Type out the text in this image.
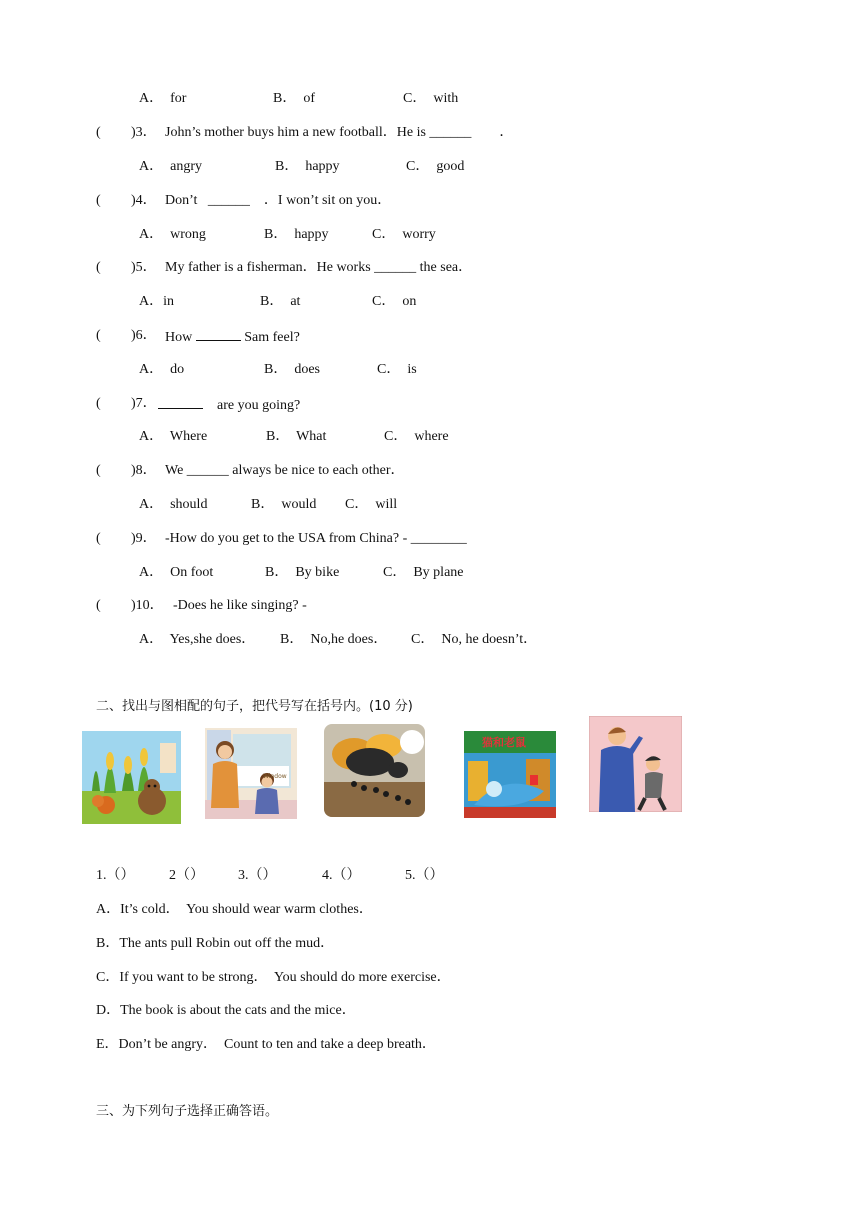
A．  for	B．  of	C．  with
( )3． John’s mother buys him a new football．He is ______        ．
A．  angry	B．  happy	C．  good
( )4． Don’t   ______    ．I won’t sit on you．
A．  wrong	B．  happy	C．  worry
( )5． My father is a fisherman．He works ______ the sea．
A．in	B．  at	C．  on
( )6． How	Sam feel?
A．  do	B．  does	C．  is
( )7．	are you going?
A．  Where	B．  What	C．  where
( )8． We ______ always be nice to each other．
A．  should	B．  would C．  will
( )9． -How do you get to the USA from China? - ________
A．  On foot	B．  By bike	C．  By plane
( )10． -Does he like singing? -
A．  Yes,she does． B．  No,he does． C．  No, he doesn’t．
二、找出与图相配的句子，把代号写在括号内。(10 分)
Window
猫和老鼠
1.（） 2（） 3.（）	4.（）	5.（）
A．It’s cold．  You should wear warm clothes．
B．The ants pull Robin out off the mud．
C．If you want to be strong．  You should do more exercise．
D．The book is about the cats and the mice．
E．Don’t be angry．  Count to ten and take a deep breath．
三、为下列句子选择正确答语。
